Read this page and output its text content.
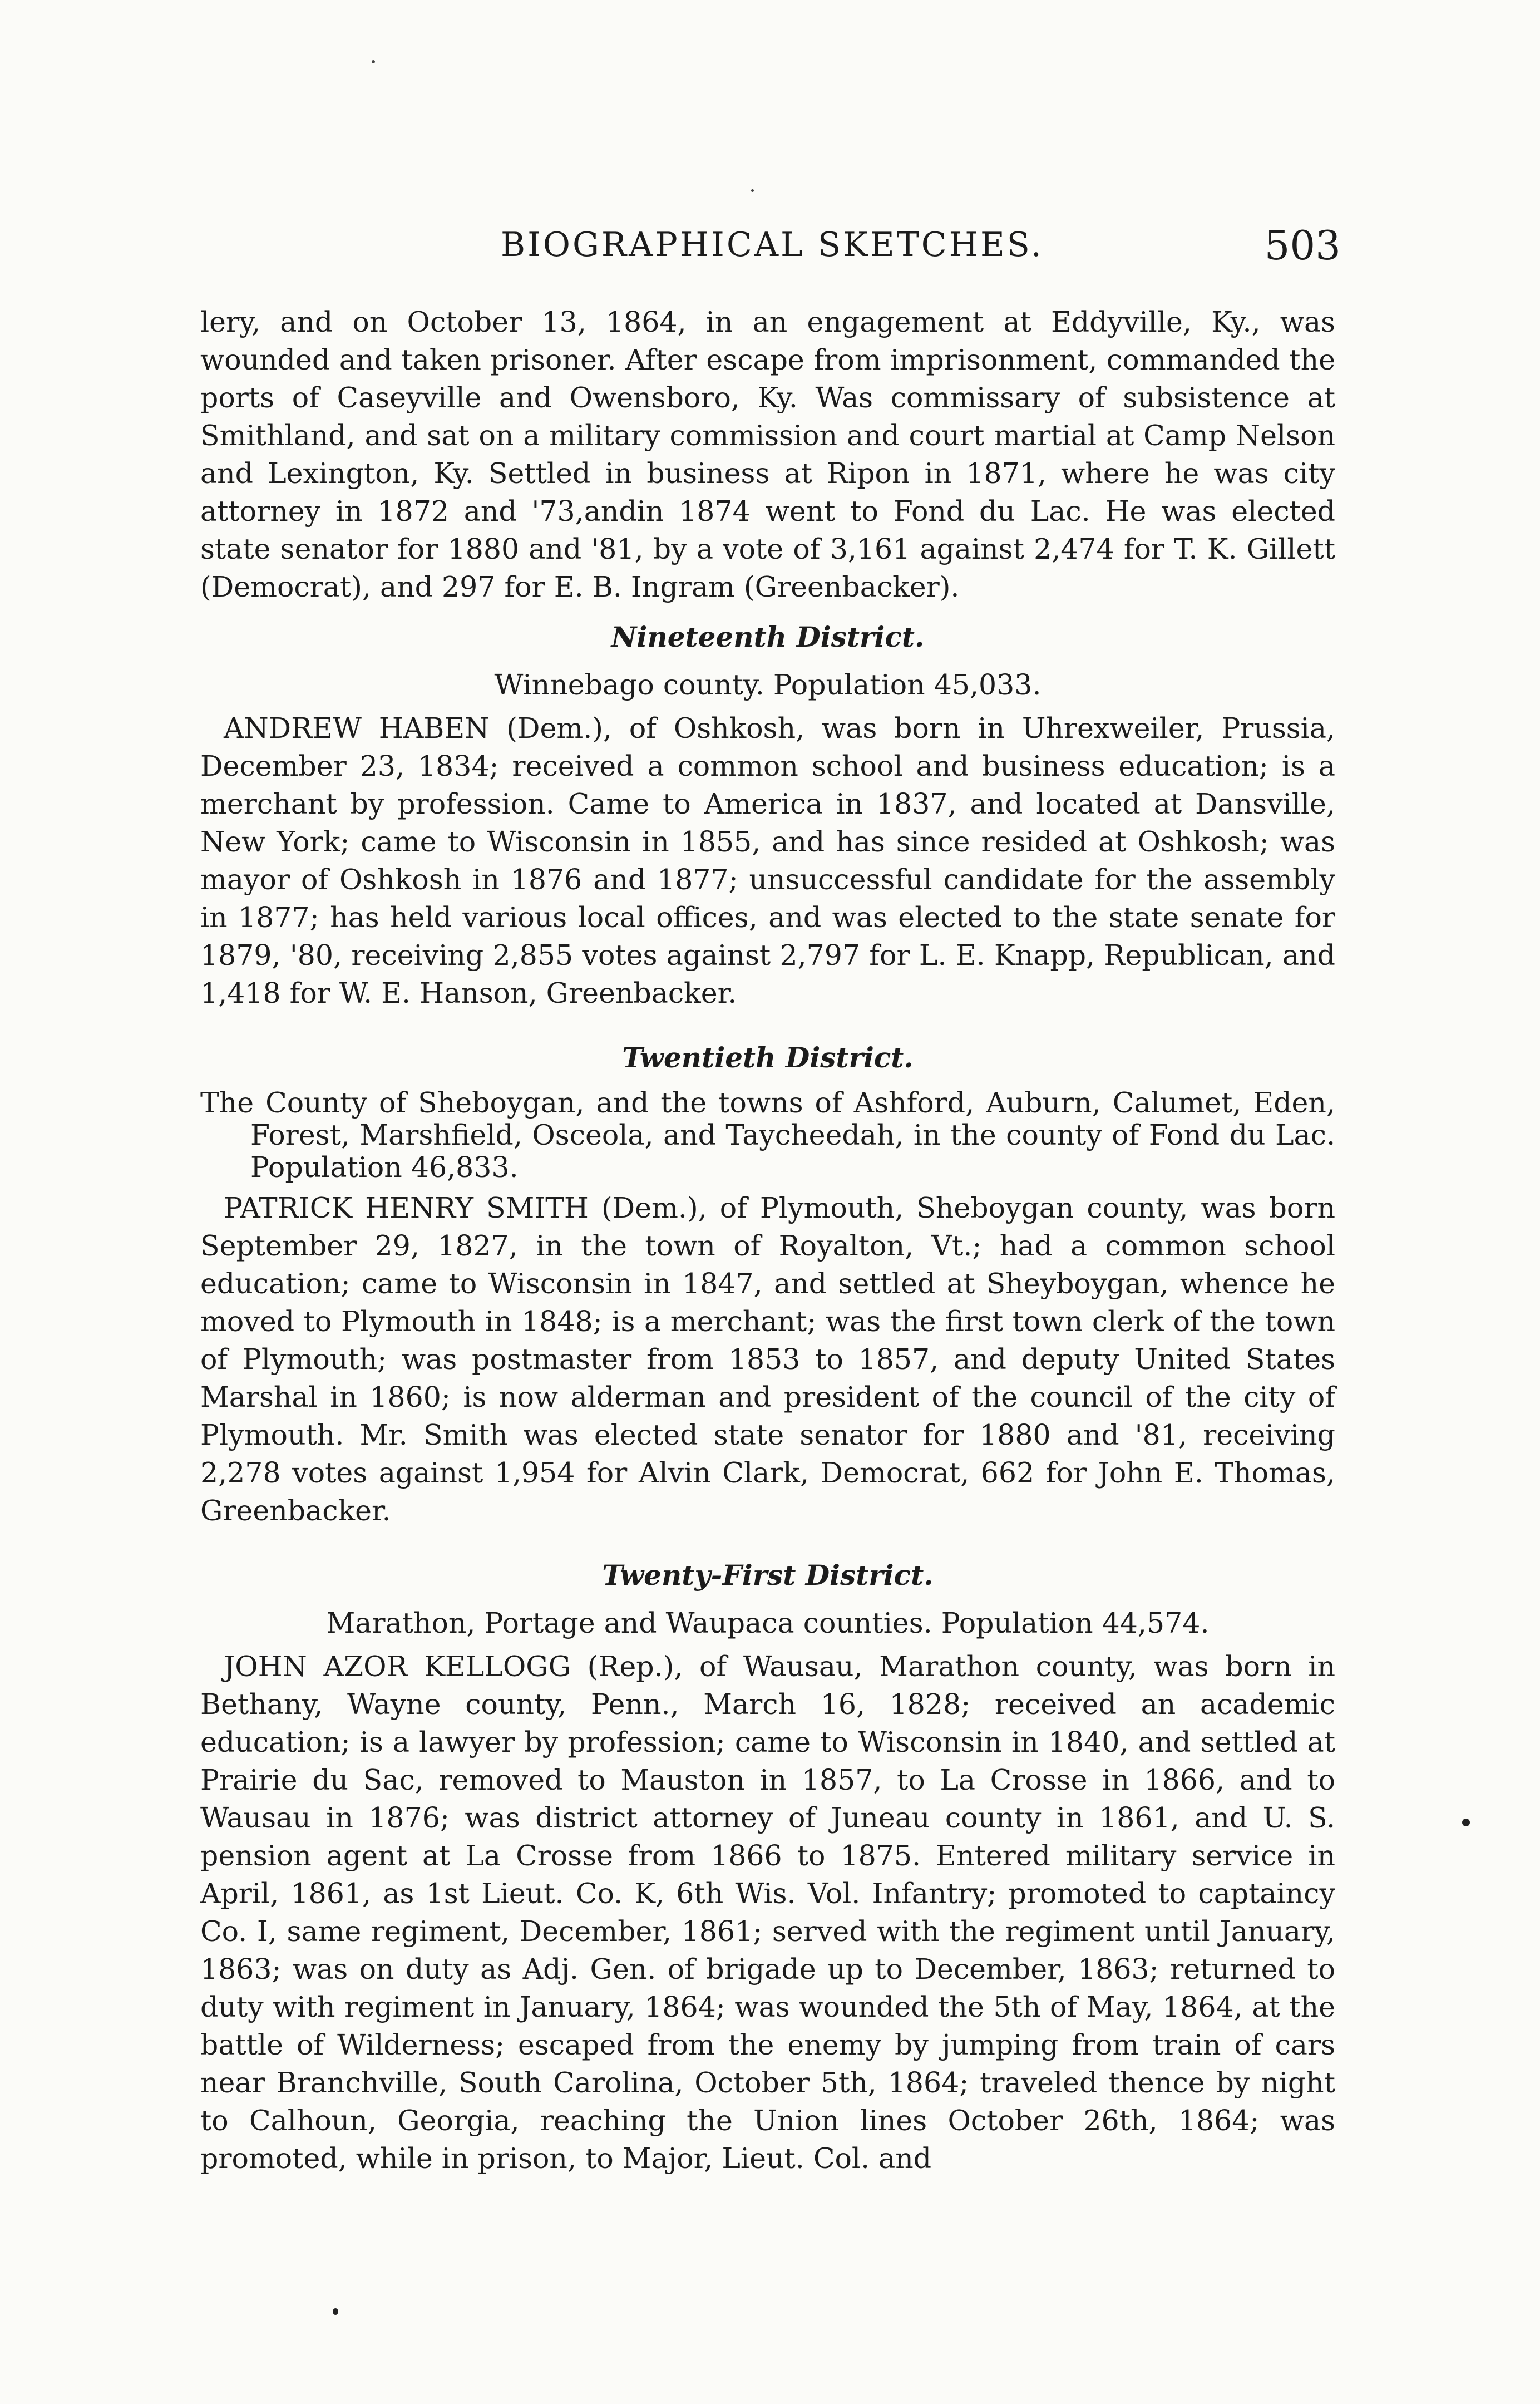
BIOGRAPHICAL SKETCHES.	503

lery, and on October 13, 1864, in an engagement at Eddyville, Ky., was wounded and taken prisoner. After escape from imprisonment, commanded the ports of Caseyville and Owensboro, Ky. Was commissary of subsistence at Smithland, and sat on a military commission and court martial at Camp Nelson and Lexington, Ky. Settled in business at Ripon in 1871, where he was city attorney in 1872 and '73,andin 1874 went to Fond du Lac. He was elected state senator for 1880 and '81, by a vote of 3,161 against 2,474 for T. K. Gillett (Democrat), and 297 for E. B. Ingram (Greenbacker).

Nineteenth District.

Winnebago county. Population 45,033.

ANDREW HABEN (Dem.), of Oshkosh, was born in Uhrexweiler, Prussia, December 23, 1834; received a common school and business education; is a merchant by profession. Came to America in 1837, and located at Dansville, New York; came to Wisconsin in 1855, and has since resided at Oshkosh; was mayor of Oshkosh in 1876 and 1877; unsuccessful candidate for the assembly in 1877; has held various local offices, and was elected to the state senate for 1879, '80, receiving 2,855 votes against 2,797 for L. E. Knapp, Republican, and 1,418 for W. E. Hanson, Greenbacker.

Twentieth District.

The County of Sheboygan, and the towns of Ashford, Auburn, Calumet, Eden, Forest, Marshfield, Osceola, and Taycheedah, in the county of Fond du Lac. Population 46,833.

PATRICK HENRY SMITH (Dem.), of Plymouth, Sheboygan county, was born September 29, 1827, in the town of Royalton, Vt.; had a common school education; came to Wisconsin in 1847, and settled at Sheyboygan, whence he moved to Plymouth in 1848; is a merchant; was the first town clerk of the town of Plymouth; was postmaster from 1853 to 1857, and deputy United States Marshal in 1860; is now alderman and president of the council of the city of Plymouth. Mr. Smith was elected state senator for 1880 and '81, receiving 2,278 votes against 1,954 for Alvin Clark, Democrat, 662 for John E. Thomas, Greenbacker.

Twenty-First District.

Marathon, Portage and Waupaca counties. Population 44,574.

JOHN AZOR KELLOGG (Rep.), of Wausau, Marathon county, was born in Bethany, Wayne county, Penn., March 16, 1828; received an academic education; is a lawyer by profession; came to Wisconsin in 1840, and settled at Prairie du Sac, removed to Mauston in 1857, to La Crosse in 1866, and to Wausau in 1876; was district attorney of Juneau county in 1861, and U. S. pension agent at La Crosse from 1866 to 1875. Entered military service in April, 1861, as 1st Lieut. Co. K, 6th Wis. Vol. Infantry; promoted to captaincy Co. I, same regiment, December, 1861; served with the regiment until January, 1863; was on duty as Adj. Gen. of brigade up to December, 1863; returned to duty with regiment in January, 1864; was wounded the 5th of May, 1864, at the battle of Wilderness; escaped from the enemy by jumping from train of cars near Branchville, South Carolina, October 5th, 1864; traveled thence by night to Calhoun, Georgia, reaching the Union lines October 26th, 1864; was promoted, while in prison, to Major, Lieut. Col. and
